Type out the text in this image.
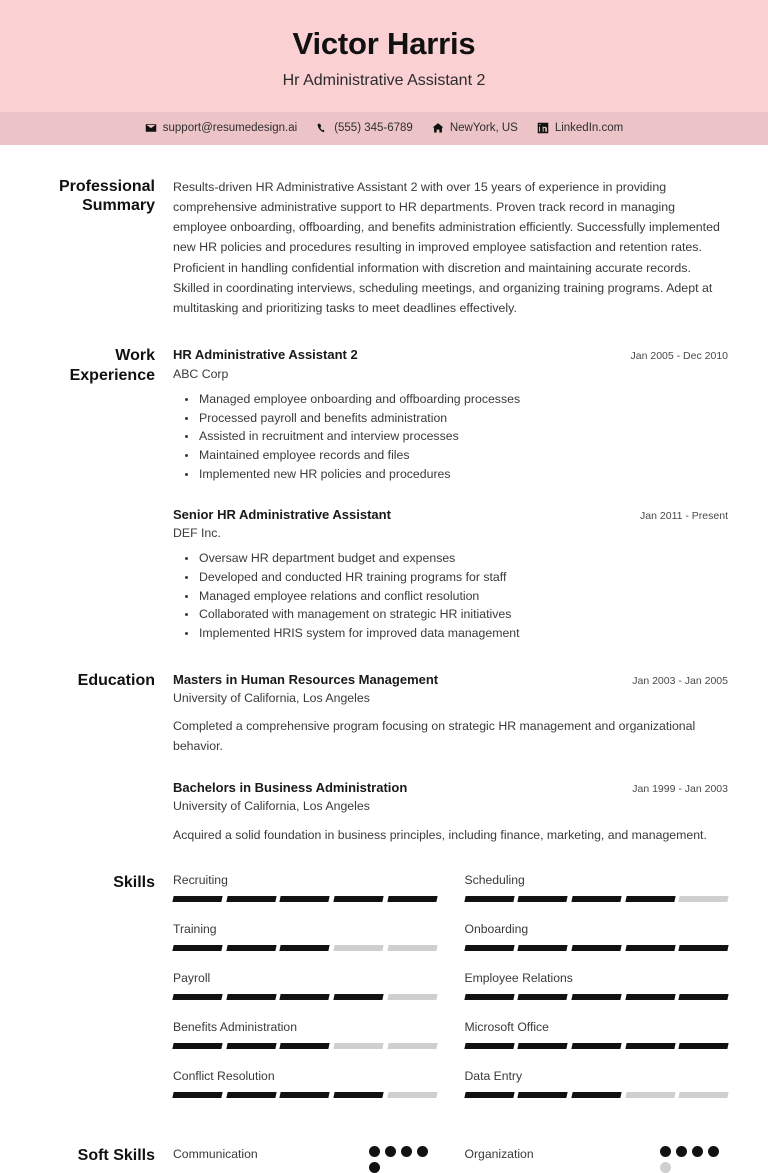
Victor Harris
Hr Administrative Assistant 2
support@resumedesign.ai	(555) 345-6789	NewYork, US	LinkedIn.com
Professional Summary
Results-driven HR Administrative Assistant 2 with over 15 years of experience in providing comprehensive administrative support to HR departments. Proven track record in managing employee onboarding, offboarding, and benefits administration efficiently. Successfully implemented new HR policies and procedures resulting in improved employee satisfaction and retention rates. Proficient in handling confidential information with discretion and maintaining accurate records. Skilled in coordinating interviews, scheduling meetings, and organizing training programs. Adept at multitasking and prioritizing tasks to meet deadlines effectively.
Work Experience
HR Administrative Assistant 2	Jan 2005 - Dec 2010
ABC Corp
Managed employee onboarding and offboarding processes
Processed payroll and benefits administration
Assisted in recruitment and interview processes
Maintained employee records and files
Implemented new HR policies and procedures
Senior HR Administrative Assistant	Jan 2011 - Present
DEF Inc.
Oversaw HR department budget and expenses
Developed and conducted HR training programs for staff
Managed employee relations and conflict resolution
Collaborated with management on strategic HR initiatives
Implemented HRIS system for improved data management
Education	Masters in Human Resources Management	Jan 2003 - Jan 2005
University of California, Los Angeles
Completed a comprehensive program focusing on strategic HR management and organizational behavior.
Bachelors in Business Administration	Jan 1999 - Jan 2003
University of California, Los Angeles
Acquired a solid foundation in business principles, including finance, marketing, and management.
Skills	Recruiting	Scheduling
Training	Onboarding
Payroll	Employee Relations
Benefits Administration	Microsoft Office
Conflict Resolution	Data Entry
Soft Skills	Communication	Organization
